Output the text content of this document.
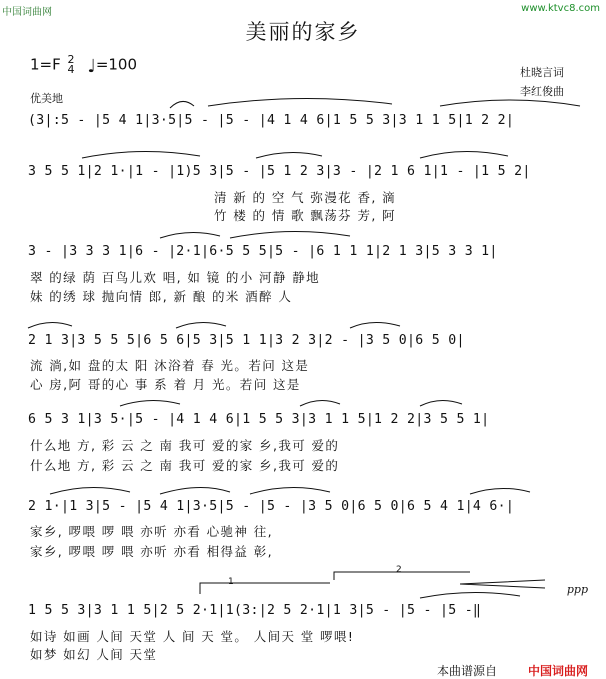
中国词曲网	www.ktvc8.com
美丽的家乡
1=F 2
4 ♩=100	杜晓言词
李红俊曲
优美地
(3|:5 - |5 4 1|3·5|5 - |5 - |4 1 4 6|1 5 5 3|3 1 1 5|1 2 2|
3 5 5 1|2 1·|1 - |1)5 3|5 - |5 1 2 3|3 - |2 1 6 1|1 - |1 5 2|
清 新 的 空 气 弥漫花 香, 滴
竹 楼 的 情 歌 飘荡芬 芳, 阿
3 - |3 3 3 1|6 - |2·1|6·5 5 5|5 - |6 1 1 1|2 1 3|5 3 3 1|
翠 的绿 荫 百鸟儿欢 唱, 如 镜 的小 河静 静地
妹 的绣 球 抛向情 郎, 新 酿 的米 酒醉 人
2 1 3|3 5 5 5|6 5 6|5 3|5 1 1|3 2 3|2 - |3 5 0|6 5 0|
流 淌,如 盘的太 阳 沐浴着 春 光。若问 这是
心 房,阿 哥的心 事 系 着 月 光。若问 这是
6 5 3 1|3 5·|5 - |4 1 4 6|1 5 5 3|3 1 1 5|1 2 2|3 5 5 1|
什么地 方, 彩 云 之 南 我可 爱的家 乡,我可 爱的
什么地 方, 彩 云 之 南 我可 爱的家 乡,我可 爱的
2 1·|1 3|5 - |5 4 1|3·5|5 - |5 - |3 5 0|6 5 0|6 5 4 1|4 6·|
家乡, 啰喂 啰 喂 亦听 亦看 心驰神 往,
家乡, 啰喂 啰 喂 亦听 亦看 相得益 彰,
1
2
ppp
1 5 5 3|3 1 1 5|2 5 2·1|1(3:|2 5 2·1|1 3|5 - |5 - |5 -‖
如诗 如画 人间 天堂 人 间 天 堂。 人间天 堂 啰喂!
如梦 如幻 人间 天堂
本曲谱源自	中国词曲网
